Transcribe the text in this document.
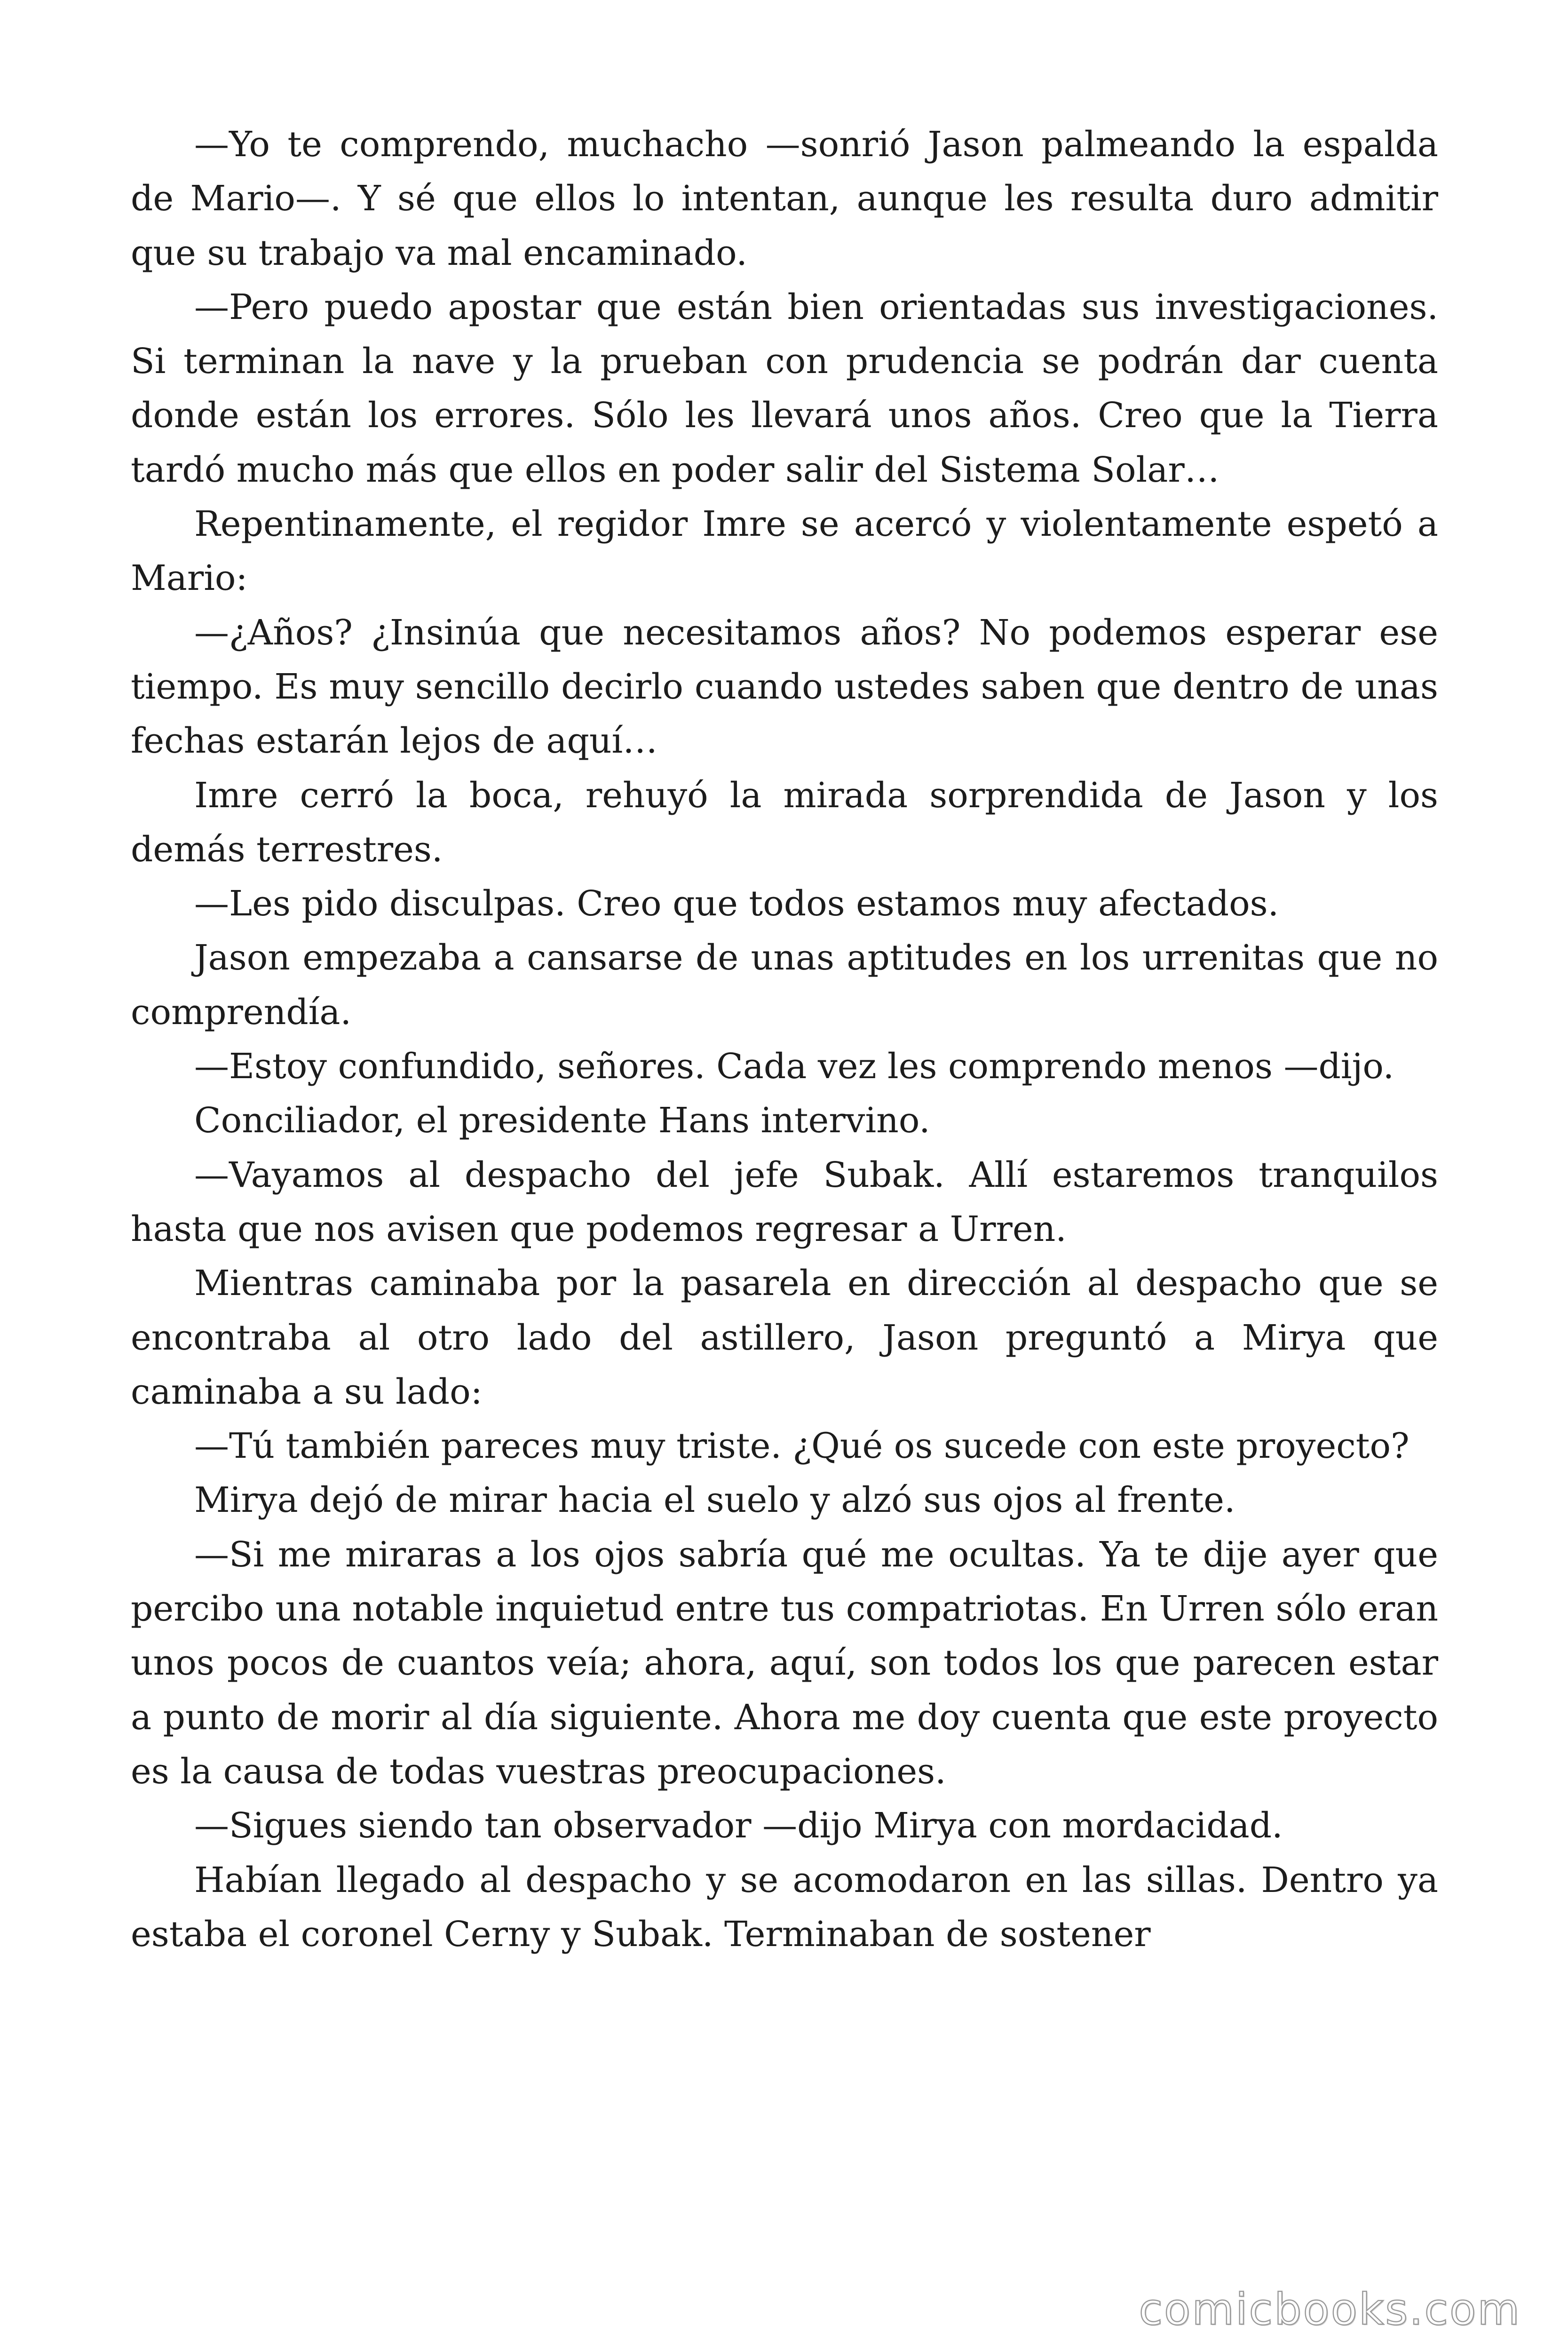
—Yo te comprendo, muchacho —sonrió Jason palmeando la espalda de Mario—. Y sé que ellos lo intentan, aunque les resulta duro admitir que su trabajo va mal encaminado.

—Pero puedo apostar que están bien orientadas sus investigaciones. Si terminan la nave y la prueban con prudencia se podrán dar cuenta donde están los errores. Sólo les llevará unos años. Creo que la Tierra tardó mucho más que ellos en poder salir del Sistema Solar…

Repentinamente, el regidor Imre se acercó y violentamente espetó a Mario:

—¿Años? ¿Insinúa que necesitamos años? No podemos esperar ese tiempo. Es muy sencillo decirlo cuando ustedes saben que dentro de unas fechas estarán lejos de aquí…

Imre cerró la boca, rehuyó la mirada sorprendida de Jason y los demás terrestres.

—Les pido disculpas. Creo que todos estamos muy afectados.

Jason empezaba a cansarse de unas aptitudes en los urrenitas que no comprendía.

—Estoy confundido, señores. Cada vez les comprendo menos —dijo.

Conciliador, el presidente Hans intervino.

—Vayamos al despacho del jefe Subak. Allí estaremos tranquilos hasta que nos avisen que podemos regresar a Urren.

Mientras caminaba por la pasarela en dirección al despacho que se encontraba al otro lado del astillero, Jason preguntó a Mirya que caminaba a su lado:

—Tú también pareces muy triste. ¿Qué os sucede con este proyecto?

Mirya dejó de mirar hacia el suelo y alzó sus ojos al frente.

—Si me miraras a los ojos sabría qué me ocultas. Ya te dije ayer que percibo una notable inquietud entre tus compatriotas. En Urren sólo eran unos pocos de cuantos veía; ahora, aquí, son todos los que parecen estar a punto de morir al día siguiente. Ahora me doy cuenta que este proyecto es la causa de todas vuestras preocupaciones.

—Sigues siendo tan observador —dijo Mirya con mordacidad.

Habían llegado al despacho y se acomodaron en las sillas. Dentro ya estaba el coronel Cerny y Subak. Terminaban de sostener

comicbooks.com
